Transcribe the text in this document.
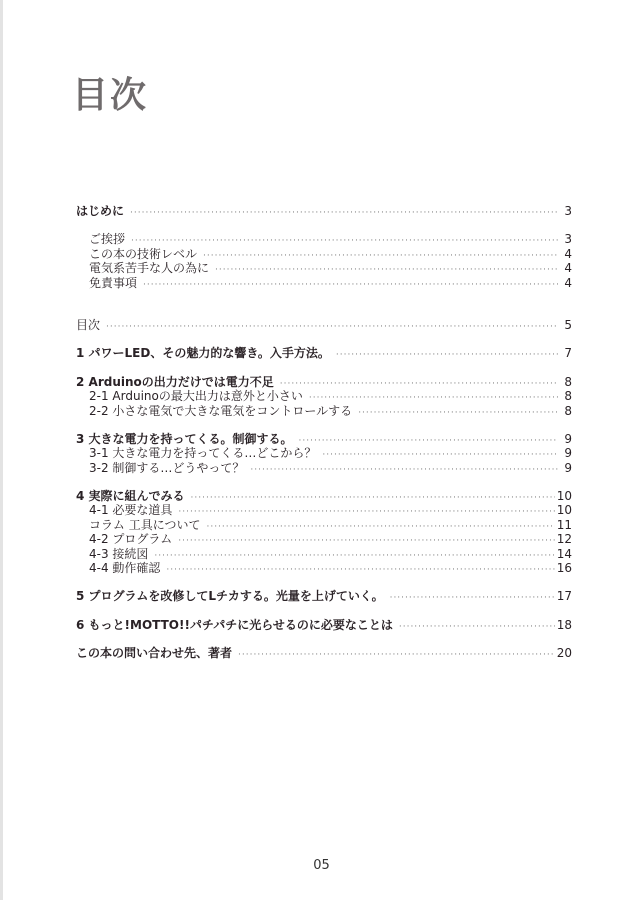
目次
はじめに ·····	3
ご挨拶 ·····	3
この本の技術レベル ·····	4
電気系苦手な人の為に ·····	4
免責事項 ·····	4
目次 ·····	5
1 パワーLED、その魅力的な響き。入手方法。 ·····	7
2 Arduinoの出力だけでは電力不足 ·····	8
2-1 Arduinoの最大出力は意外と小さい ·····	8
2-2 小さな電気で大きな電気をコントロールする ·····	8
3 大きな電力を持ってくる。制御する。 ·····	9
3-1 大きな電力を持ってくる…どこから？ ·····	9
3-2 制御する…どうやって？ ·····	9
4 実際に組んでみる ·····	10
4-1 必要な道具 ·····	10
コラム 工具について ·····	11
4-2 プログラム ·····	12
4-3 接続図 ·····	14
4-4 動作確認 ·····	16
5 プログラムを改修してLチカする。光量を上げていく。 ·····	17
6 もっと!MOTTO!!パチパチに光らせるのに必要なことは ·····	18
この本の問い合わせ先、著者 ·····	20
05
